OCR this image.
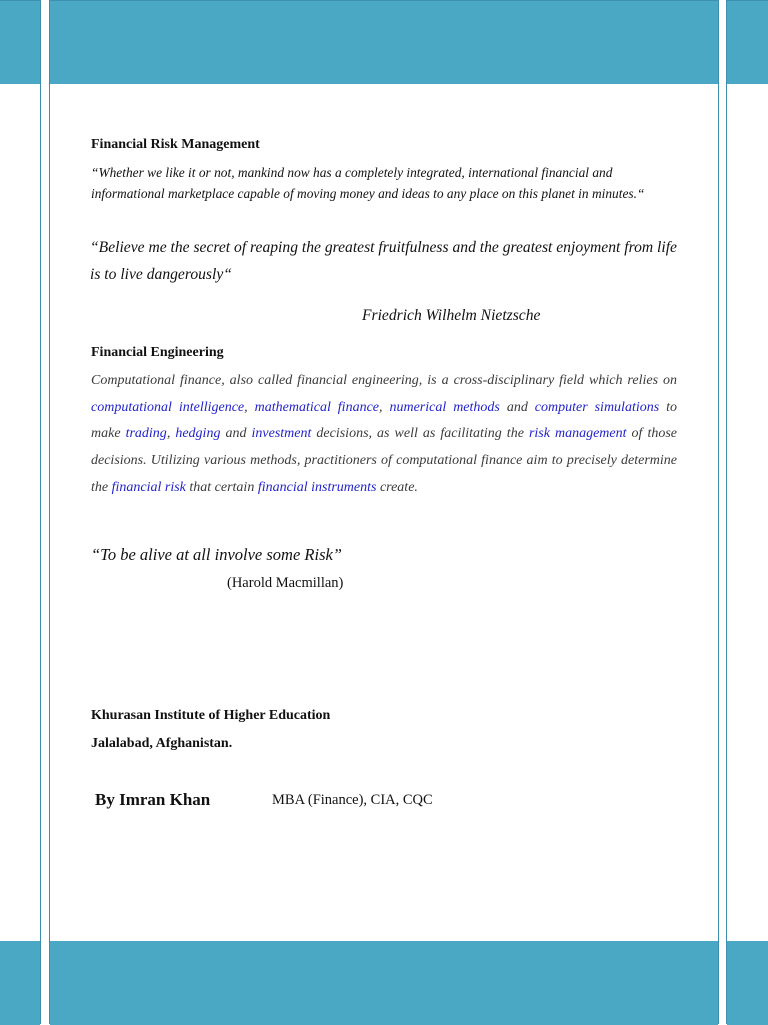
Financial Risk Management

“Whether we like it or not, mankind now has a completely integrated, international financial and informational marketplace capable of moving money and ideas to any place on this planet in minutes.“

“Believe me the secret of reaping the greatest fruitfulness and the greatest enjoyment from life is to live dangerously“

Friedrich Wilhelm Nietzsche

Financial Engineering

Computational finance, also called financial engineering, is a cross-disciplinary field which relies on computational intelligence, mathematical finance, numerical methods and computer simulations to make trading, hedging and investment decisions, as well as facilitating the risk management of those decisions. Utilizing various methods, practitioners of computational finance aim to precisely determine the financial risk that certain financial instruments create.

“To be alive at all involve some Risk”

(Harold Macmillan)

Khurasan Institute of Higher Education

Jalalabad, Afghanistan.

By Imran Khan	MBA (Finance), CIA, CQC
